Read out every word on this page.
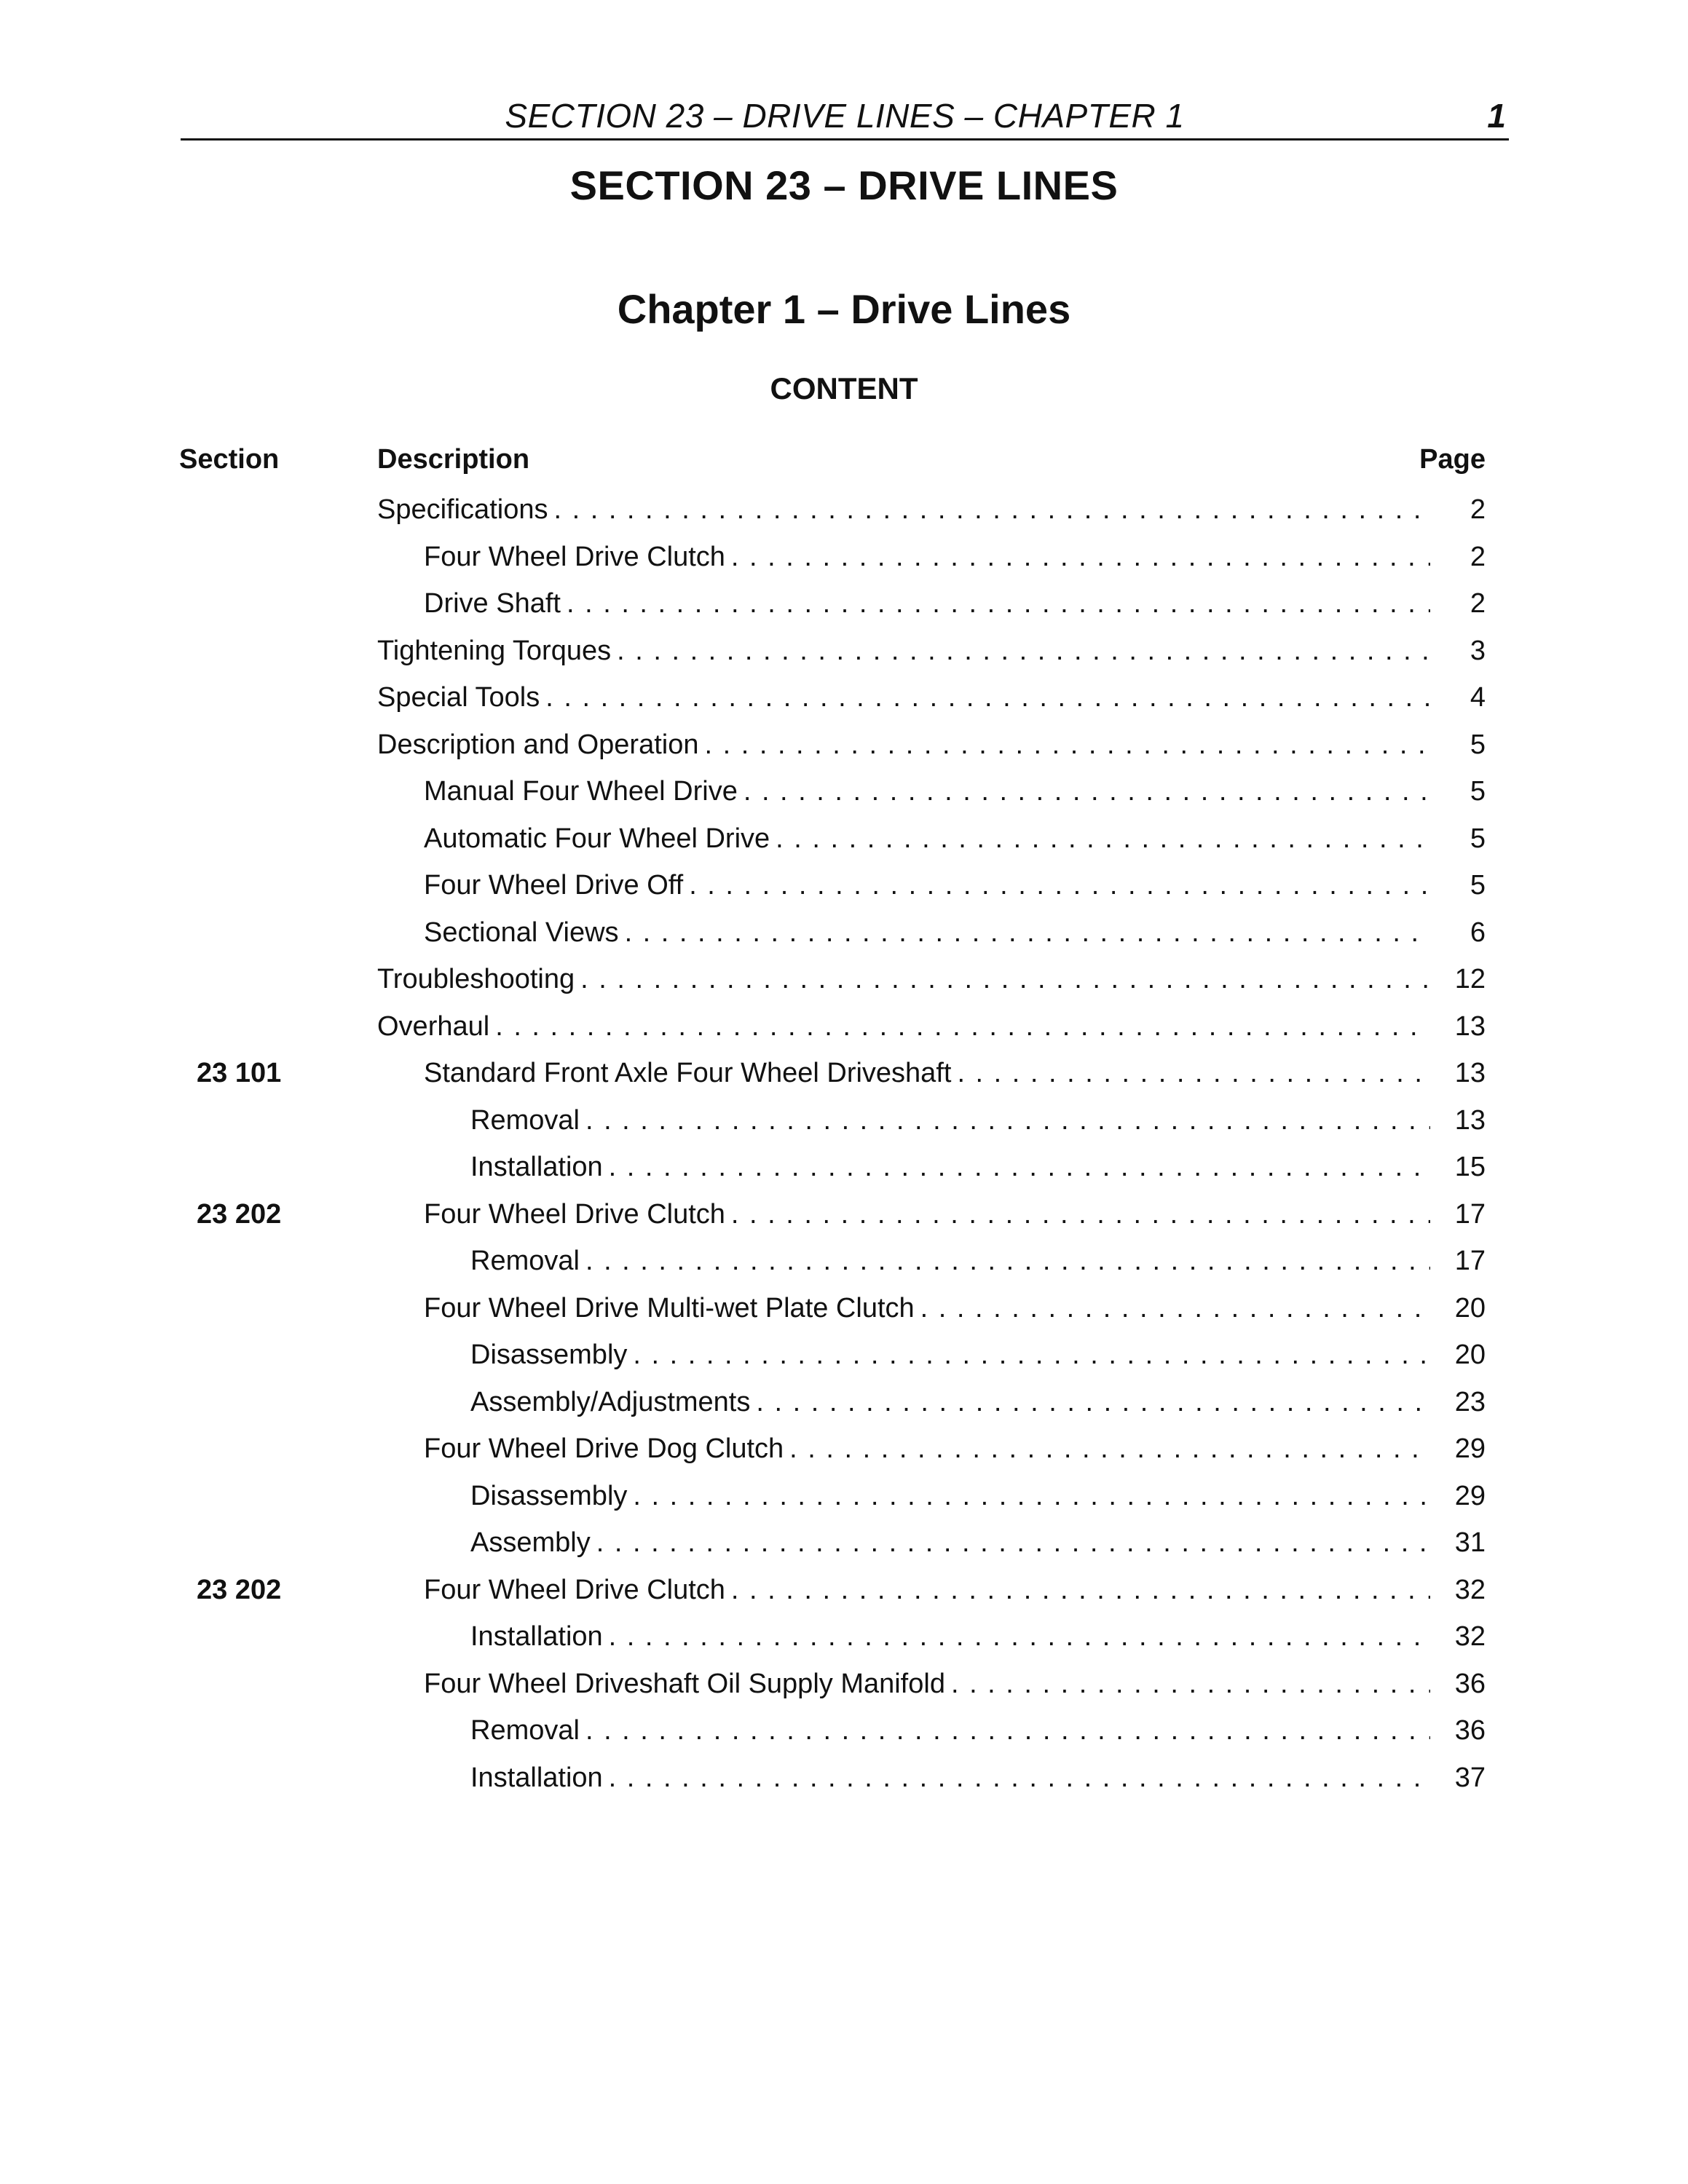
SECTION 23 – DRIVE LINES – CHAPTER 1	1
SECTION 23 – DRIVE LINES
Chapter 1 – Drive Lines
CONTENT
Section	Description	Page
Specifications . . .	2
Four Wheel Drive Clutch . . .	2
Drive Shaft . . .	2
Tightening Torques . . .	3
Special Tools . . .	4
Description and Operation . . .	5
Manual Four Wheel Drive . . .	5
Automatic Four Wheel Drive . . .	5
Four Wheel Drive Off . . .	5
Sectional Views . . .	6
Troubleshooting . . .	12
Overhaul . . .	13
23 101	Standard Front Axle Four Wheel Driveshaft . . .	13
Removal . . .	13
Installation . . .	15
23 202	Four Wheel Drive Clutch . . .	17
Removal . . .	17
Four Wheel Drive Multi-wet Plate Clutch . . .	20
Disassembly . . .	20
Assembly/Adjustments . . .	23
Four Wheel Drive Dog Clutch . . .	29
Disassembly . . .	29
Assembly . . .	31
23 202	Four Wheel Drive Clutch . . .	32
Installation . . .	32
Four Wheel Driveshaft Oil Supply Manifold . . .	36
Removal . . .	36
Installation . . .	37
